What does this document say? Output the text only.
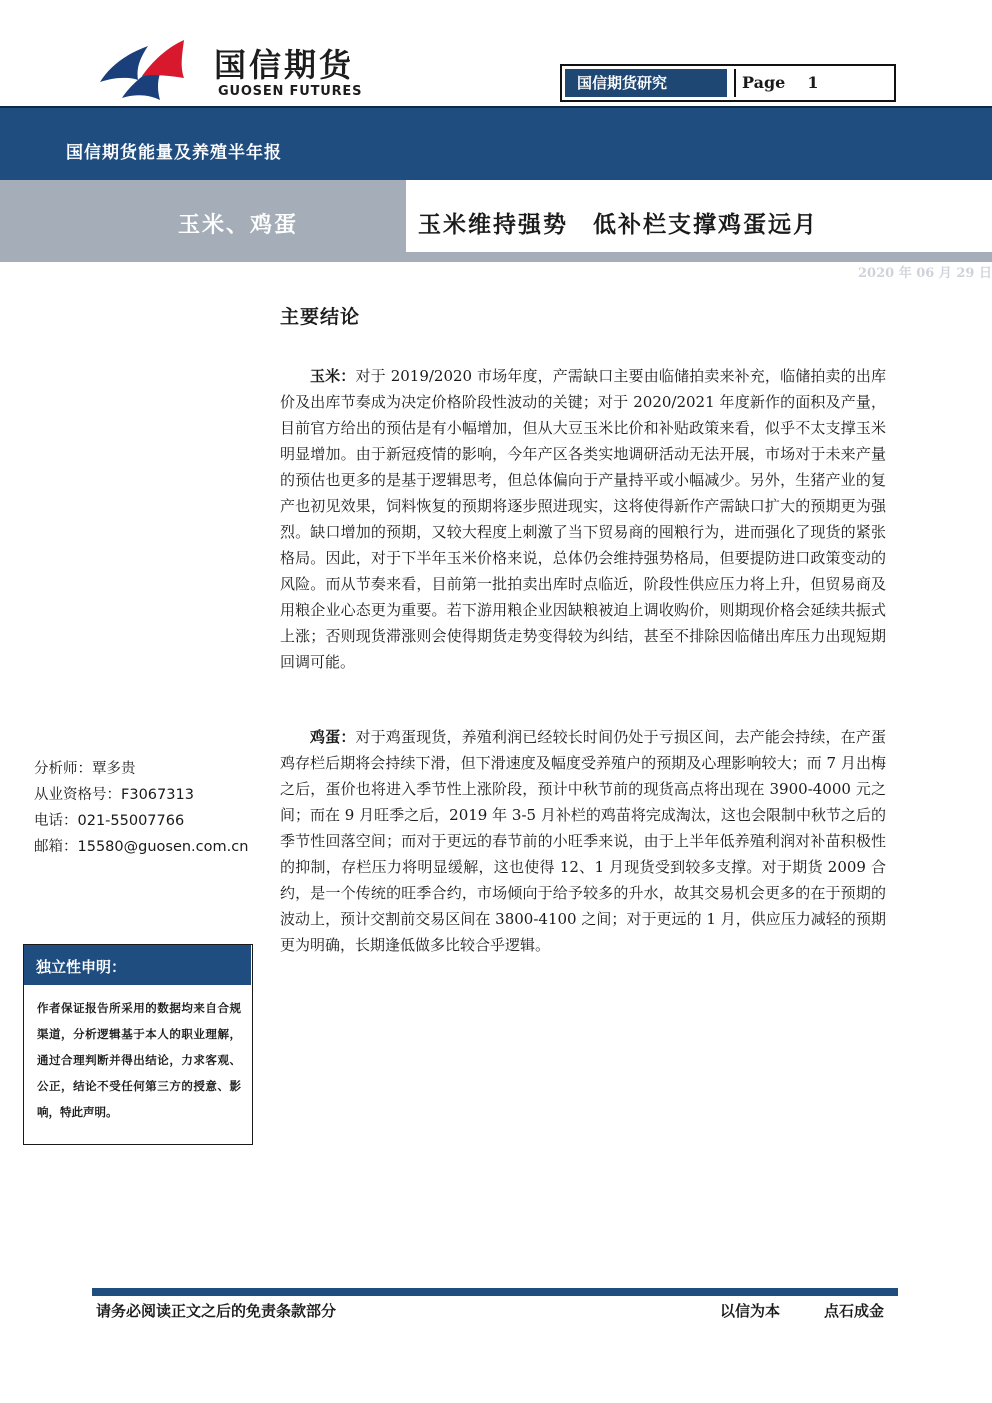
国信期货
GUOSEN FUTURES	国信期货研究	Page 1
国信期货能量及养殖半年报
玉米、鸡蛋	玉米维持强势　低补栏支撑鸡蛋远月
2020 年 06 月 29 日
主要结论
玉米：对于 2019/2020 市场年度，产需缺口主要由临储拍卖来补充，临储拍卖的出库价及出库节奏成为决定价格阶段性波动的关键；对于 2020/2021 年度新作的面积及产量，目前官方给出的预估是有小幅增加，但从大豆玉米比价和补贴政策来看，似乎不太支撑玉米明显增加。由于新冠疫情的影响，今年产区各类实地调研活动无法开展，市场对于未来产量的预估也更多的是基于逻辑思考，但总体偏向于产量持平或小幅减少。另外，生猪产业的复产也初见效果，饲料恢复的预期将逐步照进现实，这将使得新作产需缺口扩大的预期更为强烈。缺口增加的预期，又较大程度上刺激了当下贸易商的囤粮行为，进而强化了现货的紧张格局。因此，对于下半年玉米价格来说，总体仍会维持强势格局，但要提防进口政策变动的风险。而从节奏来看，目前第一批拍卖出库时点临近，阶段性供应压力将上升，但贸易商及用粮企业心态更为重要。若下游用粮企业因缺粮被迫上调收购价，则期现价格会延续共振式上涨；否则现货滞涨则会使得期货走势变得较为纠结，甚至不排除因临储出库压力出现短期回调可能。
鸡蛋：对于鸡蛋现货，养殖利润已经较长时间仍处于亏损区间，去产能会持续，在产蛋鸡存栏后期将会持续下滑，但下滑速度及幅度受养殖户的预期及心理影响较大；而 7 月出梅之后，蛋价也将进入季节性上涨阶段，预计中秋节前的现货高点将出现在 3900-4000 元之间；而在 9 月旺季之后，2019 年 3-5 月补栏的鸡苗将完成淘汰，这也会限制中秋节之后的季节性回落空间；而对于更远的春节前的小旺季来说，由于上半年低养殖利润对补苗积极性的抑制，存栏压力将明显缓解，这也使得 12、1 月现货受到较多支撑。对于期货 2009 合约，是一个传统的旺季合约，市场倾向于给予较多的升水，故其交易机会更多的在于预期的波动上，预计交割前交易区间在 3800-4100 之间；对于更远的 1 月，供应压力减轻的预期更为明确，长期逢低做多比较合乎逻辑。
分析师：覃多贵
从业资格号：F3067313
电话：021-55007766
邮箱：15580@guosen.com.cn
独立性申明：
作者保证报告所采用的数据均来自合规渠道，分析逻辑基于本人的职业理解，通过合理判断并得出结论，力求客观、公正，结论不受任何第三方的授意、影响，特此声明。
请务必阅读正文之后的免责条款部分	以信为本	点石成金
